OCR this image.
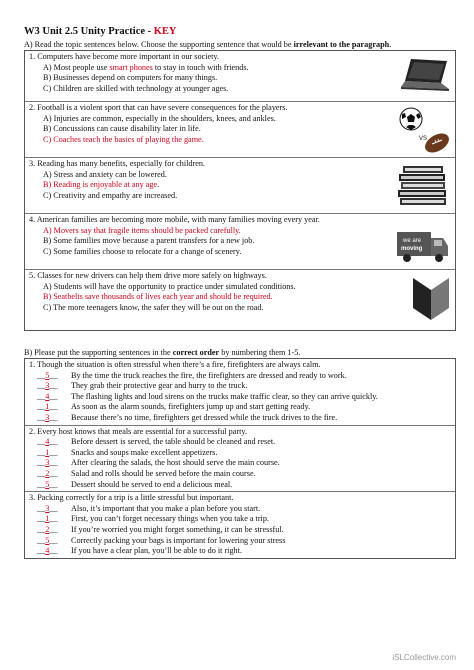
W3 Unit 2.5 Unity Practice - KEY
A) Read the topic sentences below. Choose the supporting sentence that would be irrelevant to the paragraph.
1. Computers have become more important in our society.
A) Most people use smart phones to stay in touch with friends.
B) Businesses depend on computers for many things.
C) Children are skilled with technology at younger ages.
2. Football is a violent sport that can have severe consequences for the players.
A) Injuries are common, especially in the shoulders, knees, and ankles.
B) Concussions can cause disability later in life.
C) Coaches teach the basics of playing the game.	VS
3. Reading has many benefits, especially for children.
A) Stress and anxiety can be lowered.
B) Reading is enjoyable at any age.
C) Creativity and empathy are increased.
4. American families are becoming more mobile, with many families moving every year.
A) Movers say that fragile items should be packed carefully.
B) Some families move because a parent transfers for a new job.
C) Some families choose to relocate for a change of scenery.
we are
moving
5. Classes for new drivers can help them drive more safely on highways.
A) Students will have the opportunity to practice under simulated conditions.
B) Seatbelts save thousands of lives each year and should be required.
C) The more teenagers know, the safer they will be out on the road.
B) Please put the supporting sentences in the correct order by numbering them 1-5.
1. Though the situation is often stressful when there’s a fire, firefighters are always calm.
__5__ By the time the truck reaches the fire, the firefighters are dressed and ready to work.
__3__ They grab their protective gear and hurry to the truck.
__4__ The flashing lights and loud sirens on the trucks make traffic clear, so they can arrive quickly.
__1__ As soon as the alarm sounds, firefighters jump up and start getting ready.
__3__ Because there’s no time, firefighters get dressed while the truck drives to the fire.
2. Every host knows that meals are essential for a successful party.
__4__ Before dessert is served, the table should be cleaned and reset.
__1__ Snacks and soups make excellent appetizers.
__3__ After clearing the salads, the host should serve the main course.
__2__ Salad and rolls should be served before the main course.
__5__ Dessert should be served to end a delicious meal.
3. Packing correctly for a trip is a little stressful but important.
__3__ Also, it’s important that you make a plan before you start.
__1__ First, you can’t forget necessary things when you take a trip.
__2__ If you’re worried you might forget something, it can be stressful.
__5__ Correctly packing your bags is important for lowering your stress
__4__ If you have a clear plan, you’ll be able to do it right.
iSLCollective.com
